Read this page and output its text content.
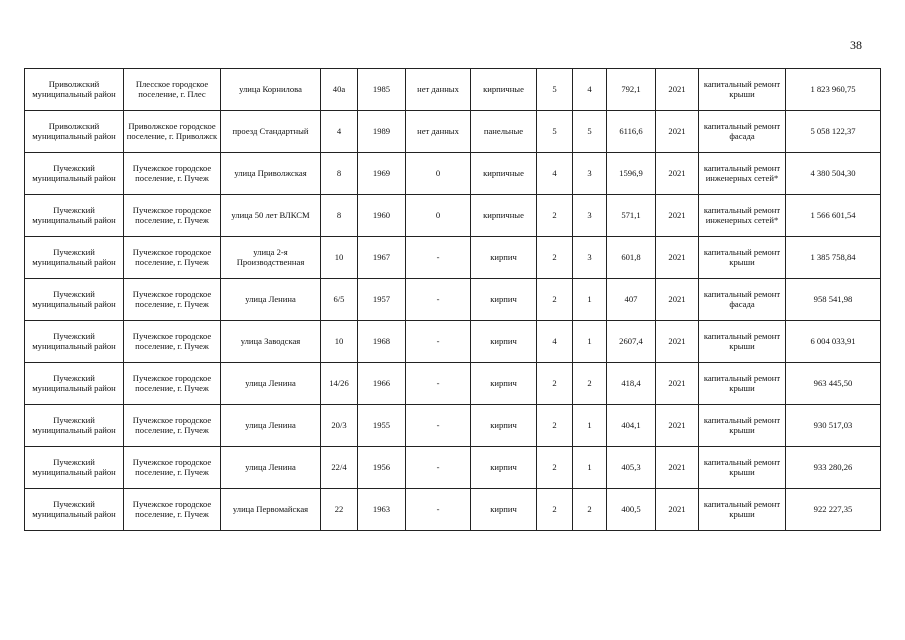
38
Приволжский муниципальный район	Плесское городское поселение, г. Плес	улица Корнилова	40а	1985	нет данных	кирпичные	5	4	792,1	2021	капитальный ремонт крыши	1 823 960,75
Приволжский муниципальный район	Приволжское городское поселение, г. Приволжск	проезд Стандартный	4	1989	нет данных	панельные	5	5	6116,6	2021	капитальный ремонт фасада	5 058 122,37
Пучежский муниципальный район	Пучежское городское поселение, г. Пучеж	улица Приволжская	8	1969	0	кирпичные	4	3	1596,9	2021	капитальный ремонт инженерных сетей*	4 380 504,30
Пучежский муниципальный район	Пучежское городское поселение, г. Пучеж	улица 50 лет ВЛКСМ	8	1960	0	кирпичные	2	3	571,1	2021	капитальный ремонт инженерных сетей*	1 566 601,54
Пучежский муниципальный район	Пучежское городское поселение, г. Пучеж	улица 2-я Производственная	10	1967	-	кирпич	2	3	601,8	2021	капитальный ремонт крыши	1 385 758,84
Пучежский муниципальный район	Пучежское городское поселение, г. Пучеж	улица Ленина	6/5	1957	-	кирпич	2	1	407	2021	капитальный ремонт фасада	958 541,98
Пучежский муниципальный район	Пучежское городское поселение, г. Пучеж	улица Заводская	10	1968	-	кирпич	4	1	2607,4	2021	капитальный ремонт крыши	6 004 033,91
Пучежский муниципальный район	Пучежское городское поселение, г. Пучеж	улица Ленина	14/26	1966	-	кирпич	2	2	418,4	2021	капитальный ремонт крыши	963 445,50
Пучежский муниципальный район	Пучежское городское поселение, г. Пучеж	улица Ленина	20/3	1955	-	кирпич	2	1	404,1	2021	капитальный ремонт крыши	930 517,03
Пучежский муниципальный район	Пучежское городское поселение, г. Пучеж	улица Ленина	22/4	1956	-	кирпич	2	1	405,3	2021	капитальный ремонт крыши	933 280,26
Пучежский муниципальный район	Пучежское городское поселение, г. Пучеж	улица Первомайская	22	1963	-	кирпич	2	2	400,5	2021	капитальный ремонт крыши	922 227,35
